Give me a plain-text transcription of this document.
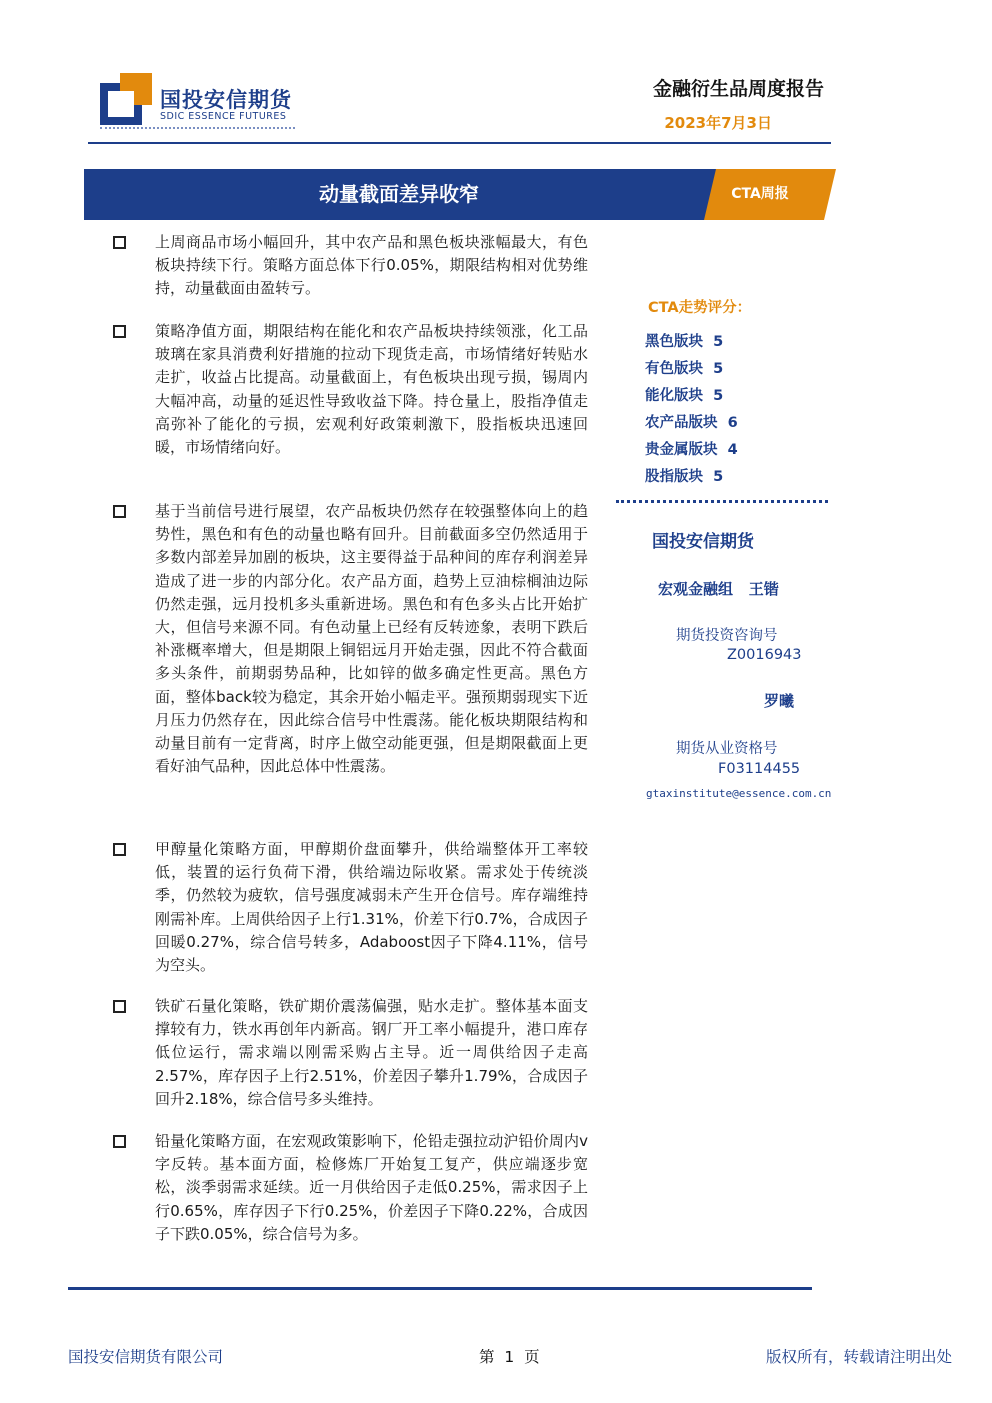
国投安信期货
SDIC ESSENCE FUTURES
金融衍生品周度报告
2023年7月3日
动量截面差异收窄	CTA周报
上周商品市场小幅回升，其中农产品和黑色板块涨幅最大，有色板块持续下行。策略方面总体下行0.05%，期限结构相对优势维持，动量截面由盈转亏。
策略净值方面，期限结构在能化和农产品板块持续领涨，化工品玻璃在家具消费利好措施的拉动下现货走高，市场情绪好转贴水走扩，收益占比提高。动量截面上，有色板块出现亏损，锡周内大幅冲高，动量的延迟性导致收益下降。持仓量上，股指净值走高弥补了能化的亏损，宏观利好政策刺激下，股指板块迅速回暖，市场情绪向好。
基于当前信号进行展望，农产品板块仍然存在较强整体向上的趋势性，黑色和有色的动量也略有回升。目前截面多空仍然适用于多数内部差异加剧的板块，这主要得益于品种间的库存利润差异造成了进一步的内部分化。农产品方面，趋势上豆油棕榈油边际仍然走强，远月投机多头重新进场。黑色和有色多头占比开始扩大，但信号来源不同。有色动量上已经有反转迹象，表明下跌后补涨概率增大，但是期限上铜铝远月开始走强，因此不符合截面多头条件，前期弱势品种，比如锌的做多确定性更高。黑色方面，整体back较为稳定，其余开始小幅走平。强预期弱现实下近月压力仍然存在，因此综合信号中性震荡。能化板块期限结构和动量目前有一定背离，时序上做空动能更强，但是期限截面上更看好油气品种，因此总体中性震荡。
甲醇量化策略方面，甲醇期价盘面攀升，供给端整体开工率较低，装置的运行负荷下滑，供给端边际收紧。需求处于传统淡季，仍然较为疲软，信号强度减弱未产生开仓信号。库存端维持刚需补库。上周供给因子上行1.31%，价差下行0.7%，合成因子回暖0.27%，综合信号转多，Adaboost因子下降4.11%，信号为空头。
铁矿石量化策略，铁矿期价震荡偏强，贴水走扩。整体基本面支撑较有力，铁水再创年内新高。钢厂开工率小幅提升，港口库存低位运行，需求端以刚需采购占主导。近一周供给因子走高2.57%，库存因子上行2.51%，价差因子攀升1.79%，合成因子回升2.18%，综合信号多头维持。
铅量化策略方面，在宏观政策影响下，伦铅走强拉动沪铅价周内v字反转。基本面方面，检修炼厂开始复工复产，供应端逐步宽松，淡季弱需求延续。近一月供给因子走低0.25%，需求因子上行0.65%，库存因子下行0.25%，价差因子下降0.22%，合成因子下跌0.05%，综合信号为多。
CTA走势评分：
黑色版块 5
有色版块 5
能化版块 5
农产品版块 6
贵金属版块 4
股指版块 5
国投安信期货
宏观金融组 王锴
期货投资咨询号
Z0016943
罗曦
期货从业资格号
F03114455
gtaxinstitute@essence.com.cn
国投安信期货有限公司	第 1 页	版权所有，转载请注明出处
